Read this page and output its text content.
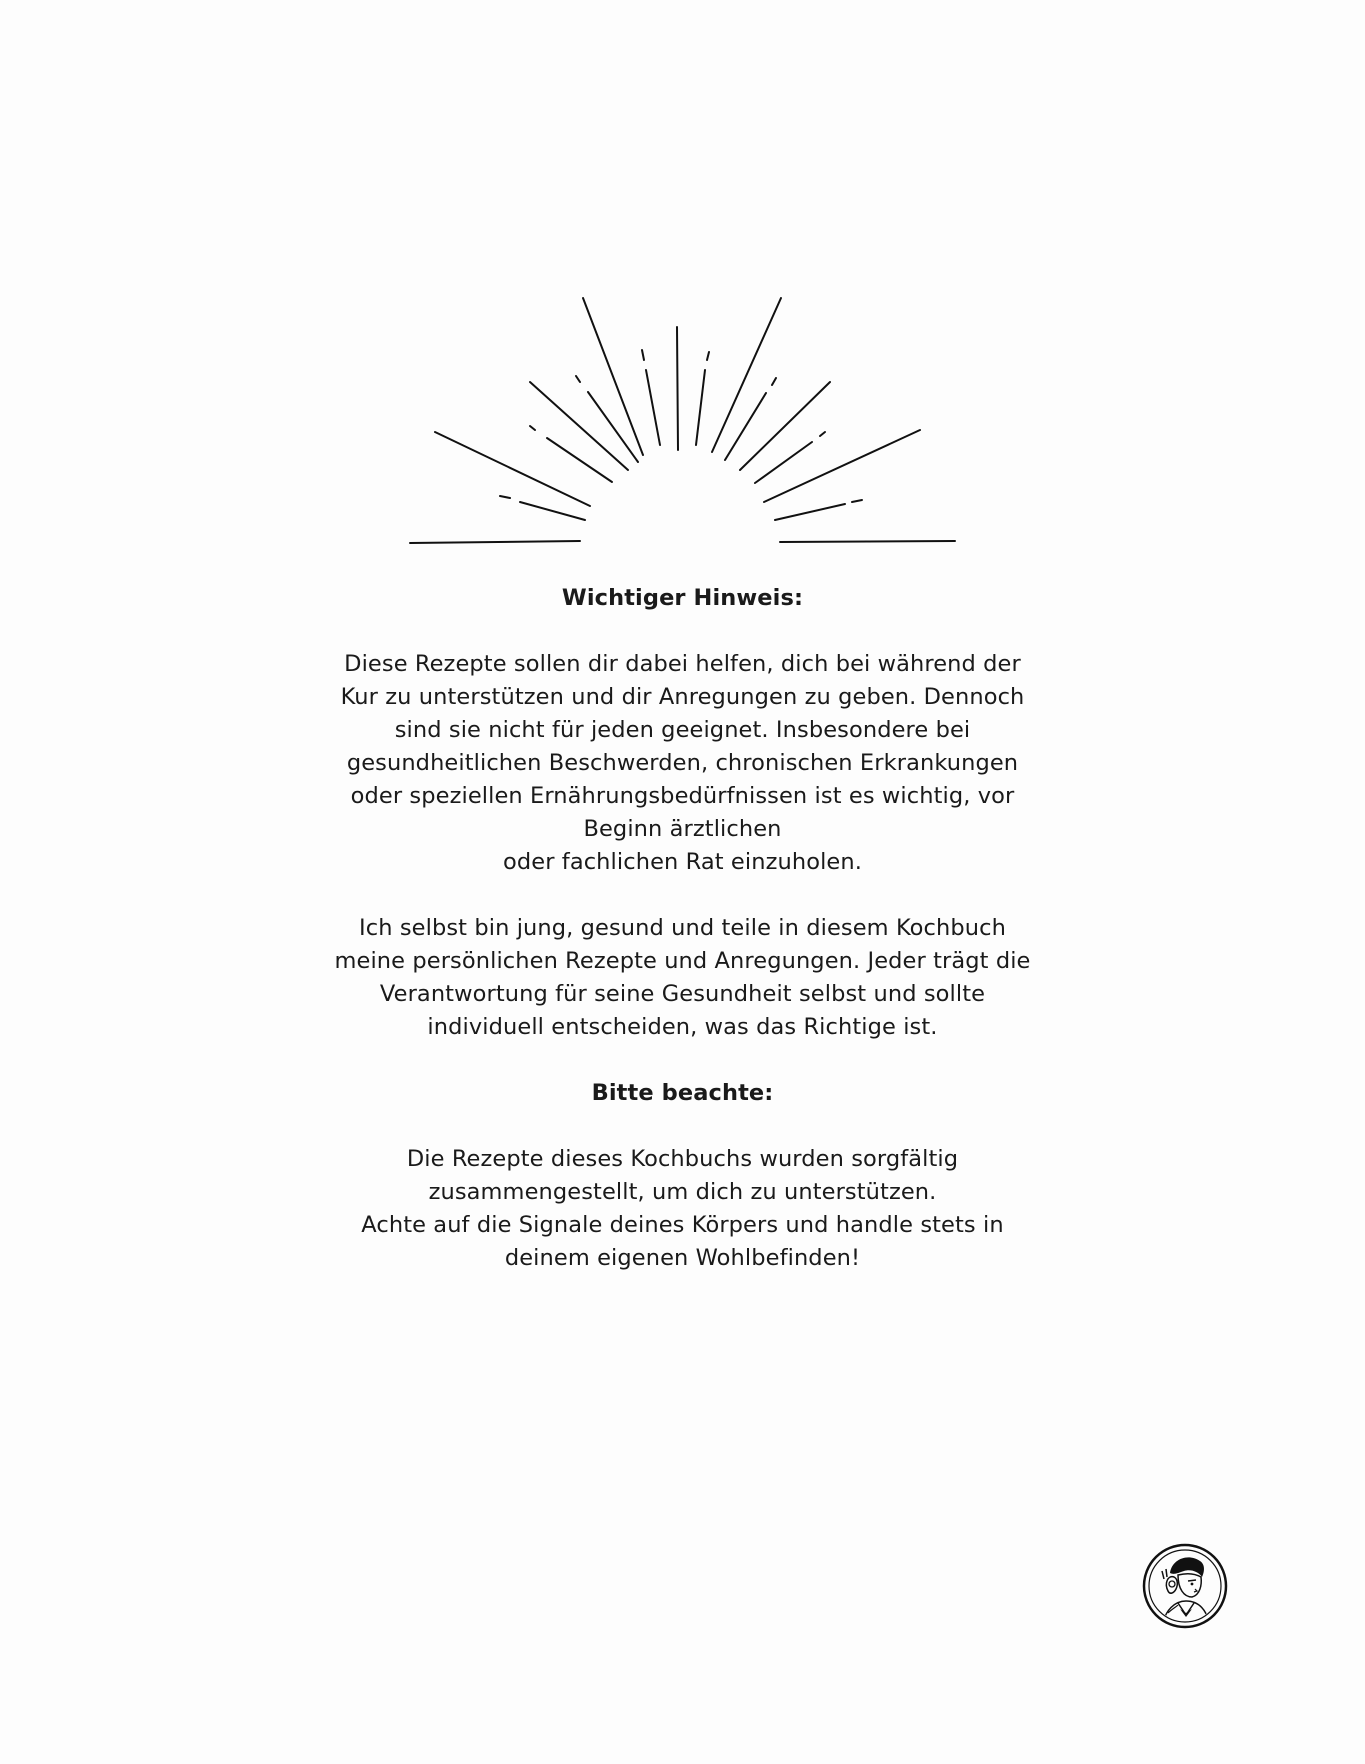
Wichtiger Hinweis:

Diese Rezepte sollen dir dabei helfen, dich bei während der

Kur zu unterstützen und dir Anregungen zu geben. Dennoch

sind sie nicht für jeden geeignet. Insbesondere bei

gesundheitlichen Beschwerden, chronischen Erkrankungen

oder speziellen Ernährungsbedürfnissen ist es wichtig, vor

Beginn ärztlichen

oder fachlichen Rat einzuholen.

Ich selbst bin jung, gesund und teile in diesem Kochbuch

meine persönlichen Rezepte und Anregungen. Jeder trägt die

Verantwortung für seine Gesundheit selbst und sollte

individuell entscheiden, was das Richtige ist.

Bitte beachte:

Die Rezepte dieses Kochbuchs wurden sorgfältig

zusammengestellt, um dich zu unterstützen.

Achte auf die Signale deines Körpers und handle stets in

deinem eigenen Wohlbefinden!
